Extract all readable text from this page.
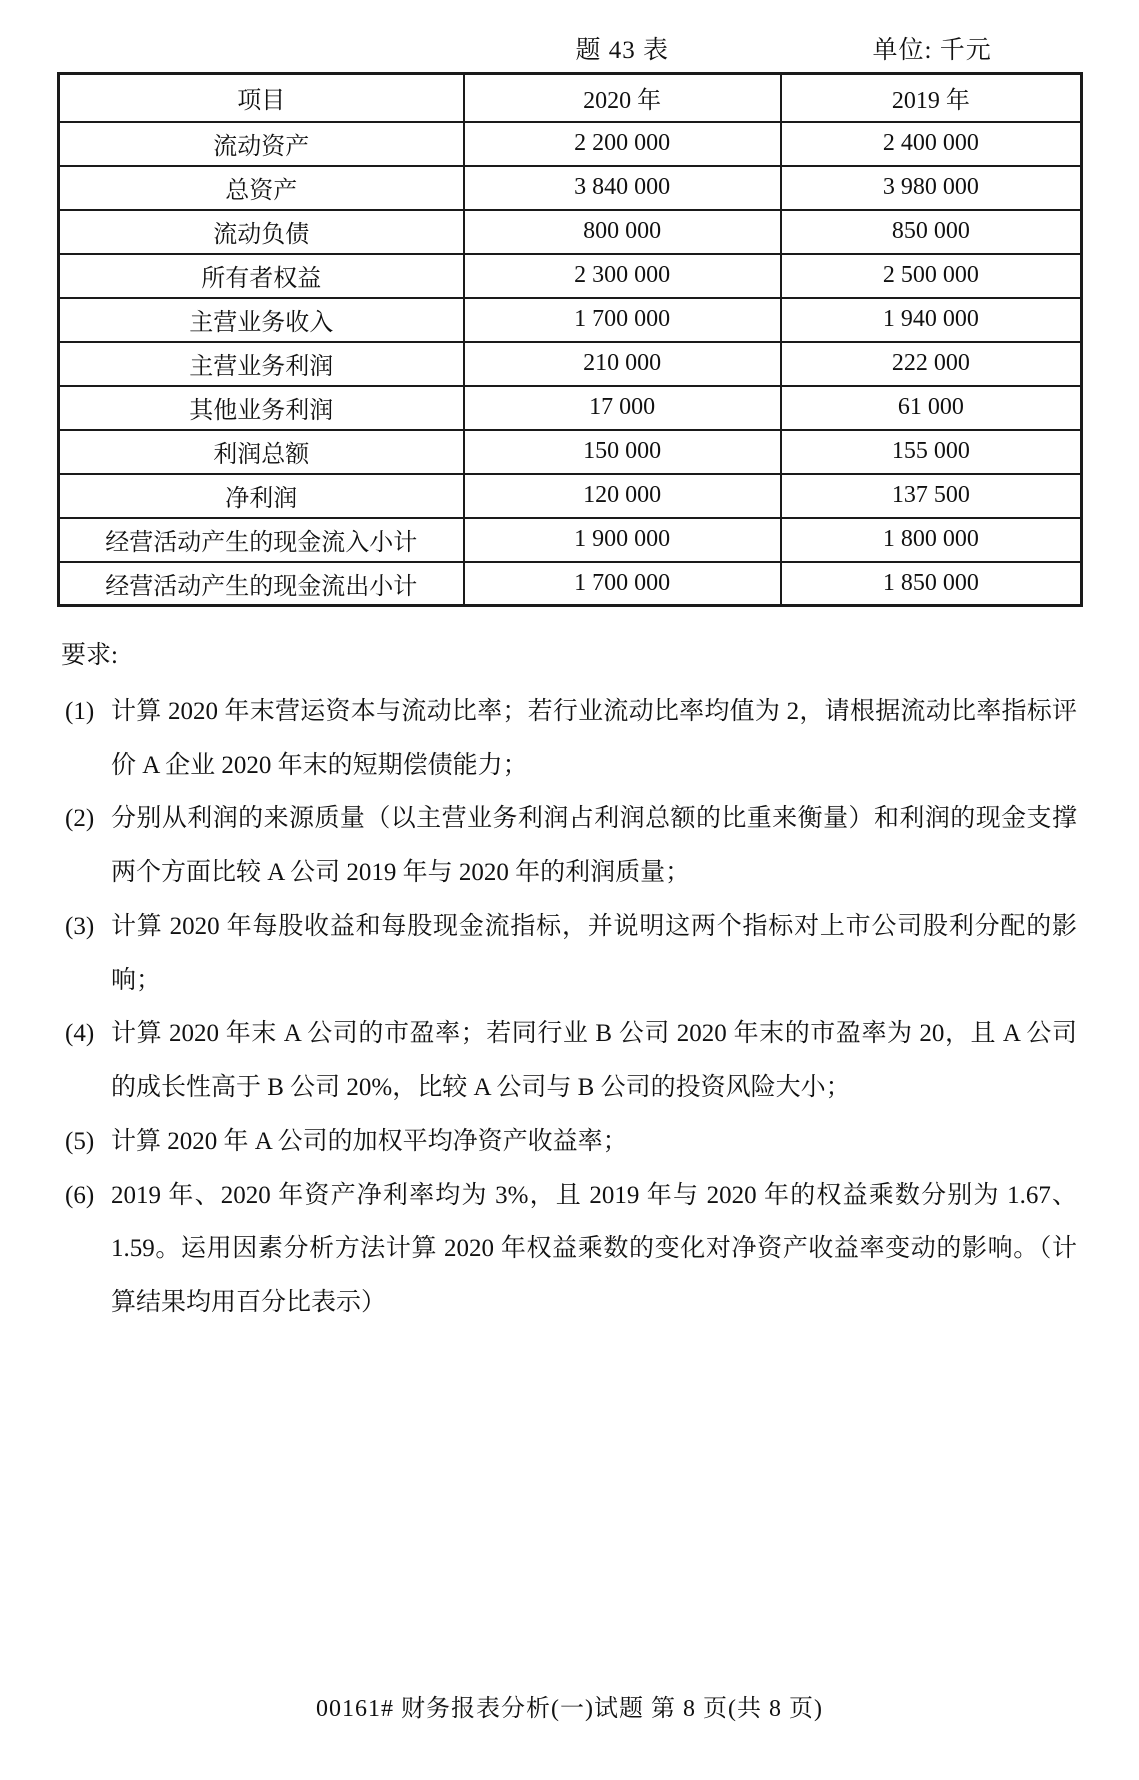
题 43 表	单位: 千元
项目	2020 年	2019 年
流动资产	2 200 000	2 400 000
总资产	3 840 000	3 980 000
流动负债	800 000	850 000
所有者权益	2 300 000	2 500 000
主营业务收入	1 700 000	1 940 000
主营业务利润	210 000	222 000
其他业务利润	17 000	61 000
利润总额	150 000	155 000
净利润	120 000	137 500
经营活动产生的现金流入小计	1 900 000	1 800 000
经营活动产生的现金流出小计	1 700 000	1 850 000
要求:
(1) 计算 2020 年末营运资本与流动比率；若行业流动比率均值为 2，请根据流动比率指标评价 A 企业 2020 年末的短期偿债能力；
(2) 分别从利润的来源质量（以主营业务利润占利润总额的比重来衡量）和利润的现金支撑两个方面比较 A 公司 2019 年与 2020 年的利润质量；
(3) 计算 2020 年每股收益和每股现金流指标，并说明这两个指标对上市公司股利分配的影响；
(4) 计算 2020 年末 A 公司的市盈率；若同行业 B 公司 2020 年末的市盈率为 20，且 A 公司的成长性高于 B 公司 20%，比较 A 公司与 B 公司的投资风险大小；
(5) 计算 2020 年 A 公司的加权平均净资产收益率；
(6) 2019 年、2020 年资产净利率均为 3%，且 2019 年与 2020 年的权益乘数分别为 1.67、1.59。运用因素分析方法计算 2020 年权益乘数的变化对净资产收益率变动的影响。（计算结果均用百分比表示）
00161# 财务报表分析(一)试题 第 8 页(共 8 页)
